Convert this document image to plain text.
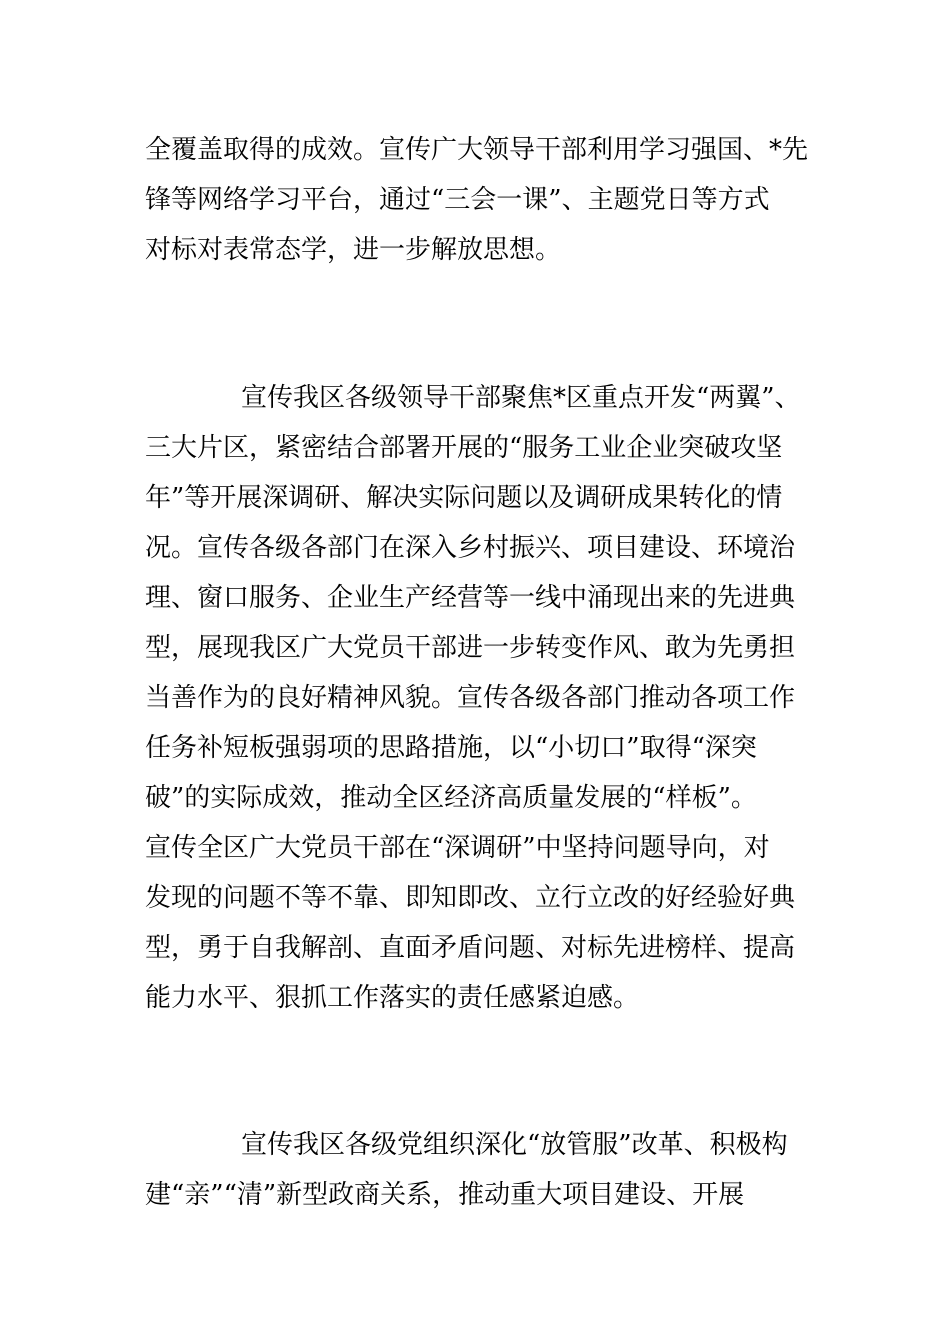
全覆盖取得的成效。宣传广大领导干部利用学习强国、*先
锋等网络学习平台，通过“三会一课”、主题党日等方式
对标对表常态学，进一步解放思想。
宣传我区各级领导干部聚焦*区重点开发“两翼”、
三大片区，紧密结合部署开展的“服务工业企业突破攻坚
年”等开展深调研、解决实际问题以及调研成果转化的情
况。宣传各级各部门在深入乡村振兴、项目建设、环境治
理、窗口服务、企业生产经营等一线中涌现出来的先进典
型，展现我区广大党员干部进一步转变作风、敢为先勇担
当善作为的良好精神风貌。宣传各级各部门推动各项工作
任务补短板强弱项的思路措施，以“小切口”取得“深突
破”的实际成效，推动全区经济高质量发展的“样板”。
宣传全区广大党员干部在“深调研”中坚持问题导向，对
发现的问题不等不靠、即知即改、立行立改的好经验好典
型，勇于自我解剖、直面矛盾问题、对标先进榜样、提高
能力水平、狠抓工作落实的责任感紧迫感。
宣传我区各级党组织深化“放管服”改革、积极构
建“亲”“清”新型政商关系，推动重大项目建设、开展
